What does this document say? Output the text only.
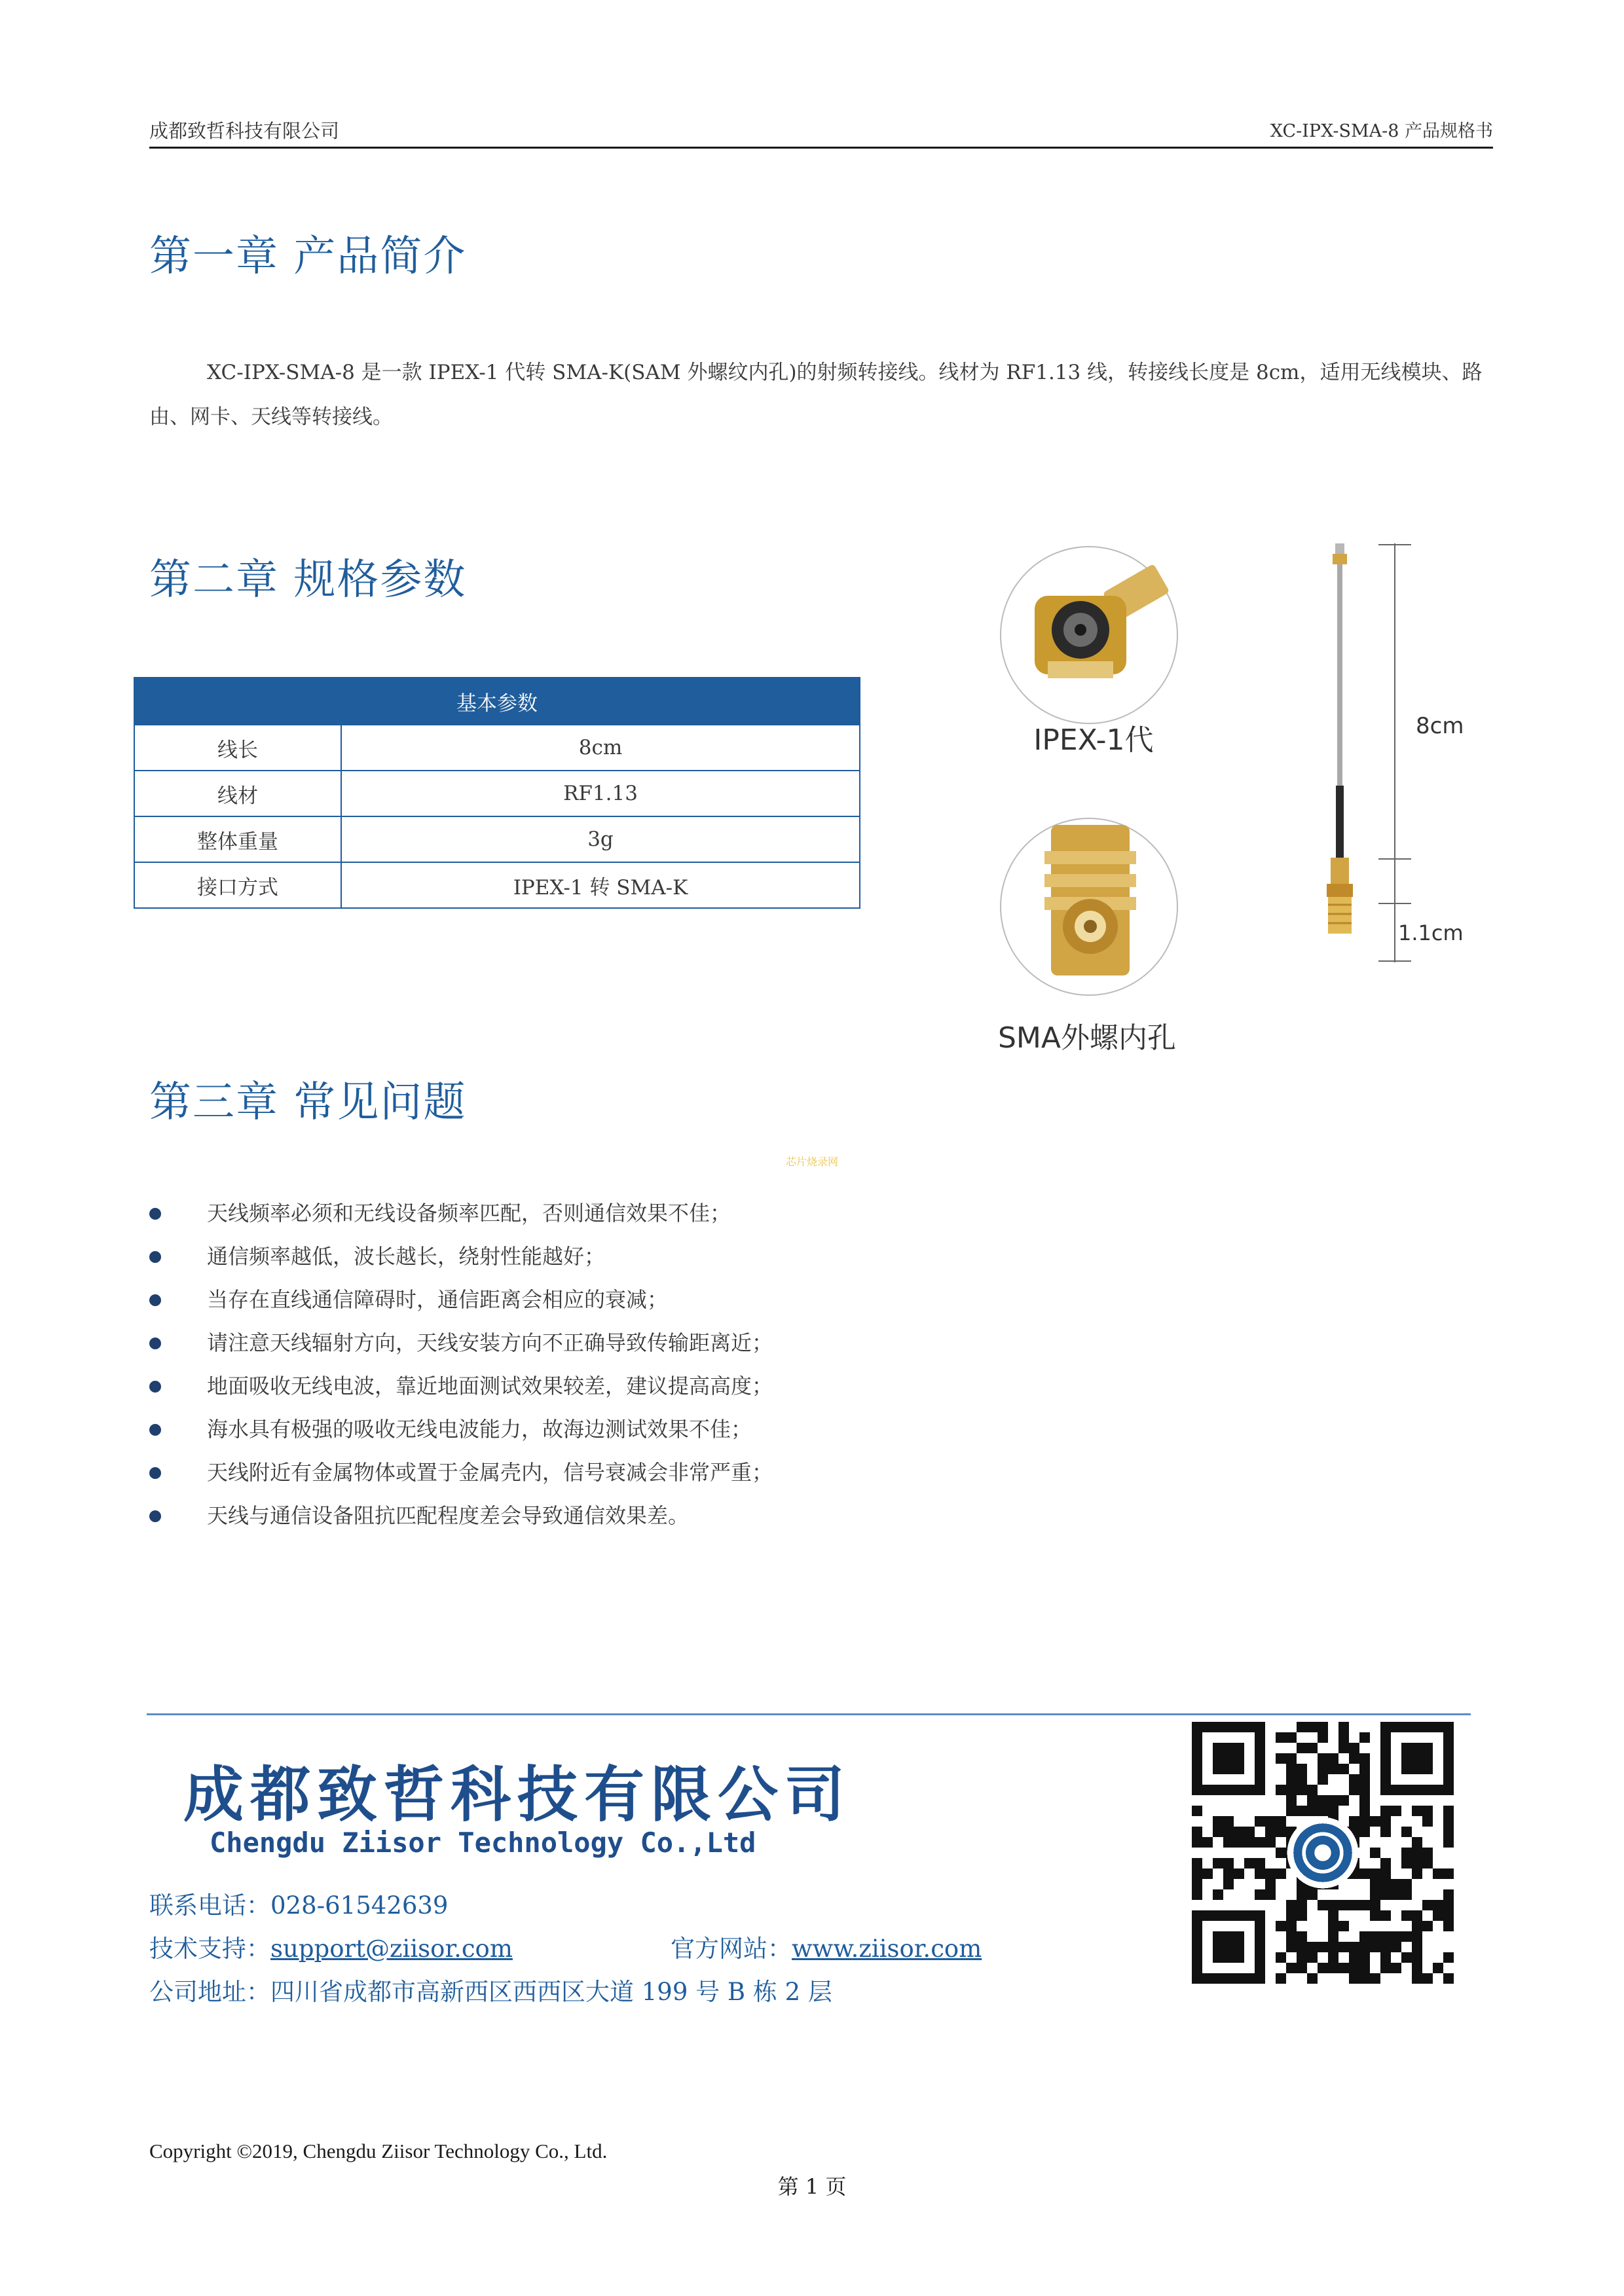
成都致哲科技有限公司	XC-IPX-SMA-8 产品规格书
第一章 产品简介
XC-IPX-SMA-8 是一款 IPEX-1 代转 SMA-K(SAM 外螺纹内孔)的射频转接线。线材为 RF1.13 线，转接线长度是 8cm，适用无线模块、路由、网卡、天线等转接线。
第二章 规格参数
基本参数	
线长	8cm
线材	RF1.13
整体重量	3g
接口方式	IPEX-1 转 SMA-K
IPEX-1代
SMA外螺内孔
8cm
1.1cm
第三章 常见问题
芯片烧录网
天线频率必须和无线设备频率匹配，否则通信效果不佳；
通信频率越低，波长越长，绕射性能越好；
当存在直线通信障碍时，通信距离会相应的衰减；
请注意天线辐射方向，天线安装方向不正确导致传输距离近；
地面吸收无线电波，靠近地面测试效果较差，建议提高高度；
海水具有极强的吸收无线电波能力，故海边测试效果不佳；
天线附近有金属物体或置于金属壳内，信号衰减会非常严重；
天线与通信设备阻抗匹配程度差会导致通信效果差。
成都致哲科技有限公司
Chengdu Ziisor Technology Co.,Ltd
联系电话：028-61542639
技术支持：support@ziisor.com	官方网站：www.ziisor.com
公司地址：四川省成都市高新西区西西区大道 199 号 B 栋 2 层
Copyright ©2019, Chengdu Ziisor Technology Co., Ltd.
第 1 页
